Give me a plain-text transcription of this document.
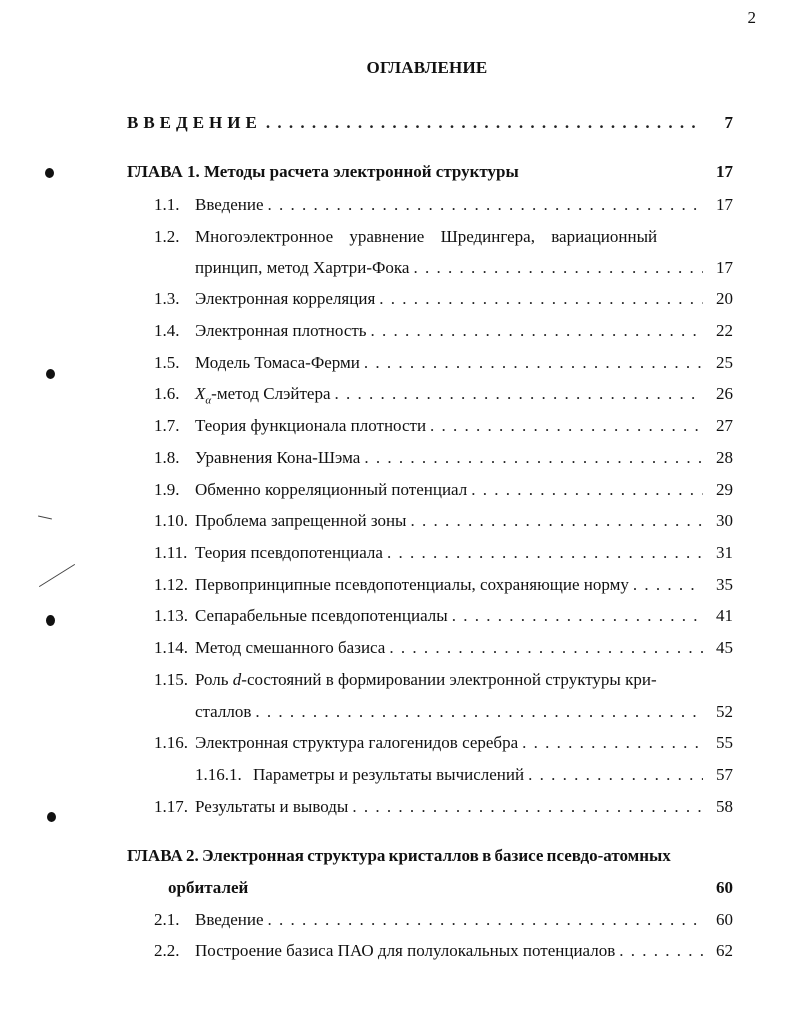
2
ОГЛАВЛЕНИЕ
ВВЕДЕНИЕ . . .	7
ГЛАВА 1. Методы расчета электронной структуры	17
1.1. Введение . . .	17
1.2. Многоэлектронное уравнение Шредингера, вариационный
принцип, метод Хартри-Фока . . .	17
1.3. Электронная корреляция . . .	20
1.4. Электронная плотность . . .	22
1.5. Модель Томаса-Ферми . . .	25
1.6. $X_\alpha$-метод Слэйтера . . .	26
1.7. Теория функционала плотности . . .	27
1.8. Уравнения Кона-Шэма . . .	28
1.9. Обменно корреляционный потенциал . . .	29
1.10. Проблема запрещенной зоны . . .	30
1.11. Теория псевдопотенциала . . .	31
1.12. Первопринципные псевдопотенциалы, сохраняющие норму . . .	35
1.13. Сепарабельные псевдопотенциалы . . .	41
1.14. Метод смешанного базиса . . .	45
1.15. Роль d-состояний в формировании электронной структуры кри-
сталлов . . .	52
1.16. Электронная структура галогенидов серебра . . .	55
1.16.1. Параметры и результаты вычислений . . .	57
1.17. Результаты и выводы . . .	58
ГЛАВА 2. Электронная структура кристаллов в базисе псевдо-атомных
орбиталей	60
2.1. Введение . . .	60
2.2. Построение базиса ПАО для полулокальных потенциалов . . .	62
